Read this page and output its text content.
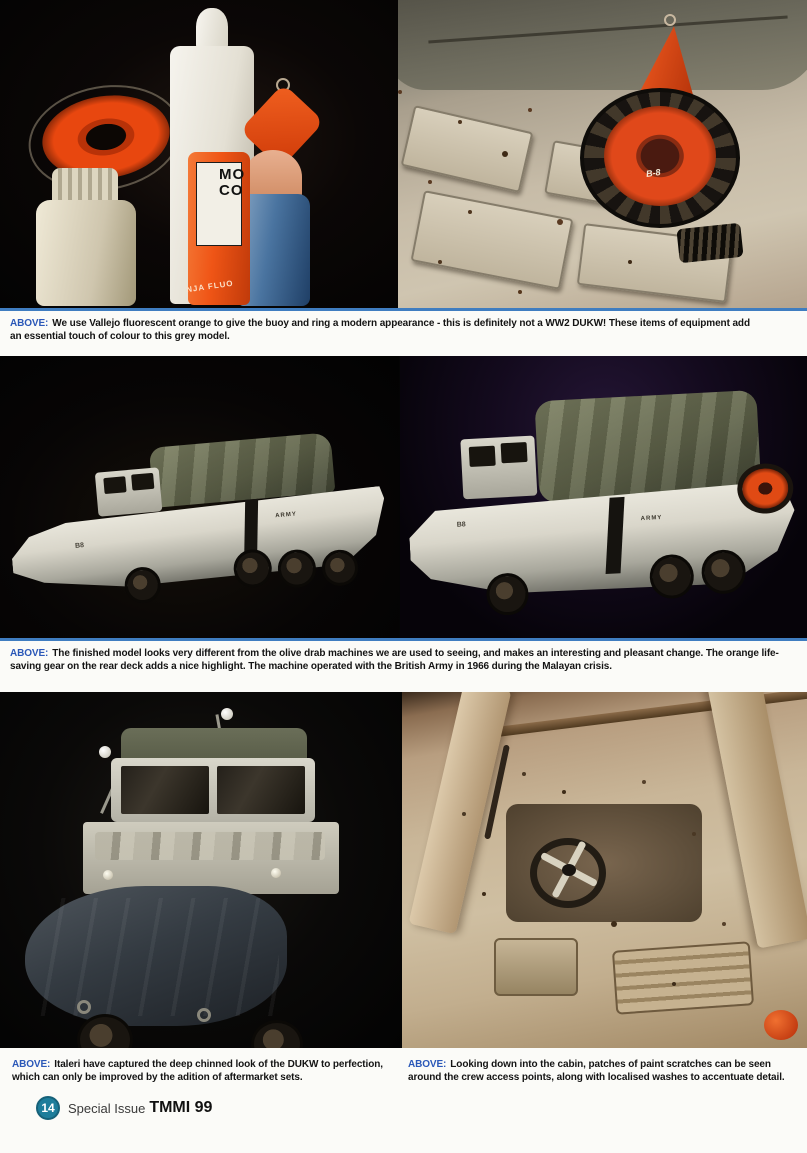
MO

CO
NJA FLUO
B-8

ABOVE: We use Vallejo fluorescent orange to give the buoy and ring a modern appearance - this is definitely not a WW2 DUKW! These items of equipment add an essential touch of colour to this grey model.

ARMY
B8
ARMY
B8

ABOVE: The finished model looks very different from the olive drab machines we are used to seeing, and makes an interesting and pleasant change. The orange life-saving gear on the rear deck adds a nice highlight. The machine operated with the British Army in 1966 during the Malayan crisis.

ABOVE: Italeri have captured the deep chinned look of the DUKW to perfection, which can only be improved by the adition of aftermarket sets.

ABOVE: Looking down into the cabin, patches of paint scratches can be seen around the crew access points, along with localised washes to accentuate detail.

14	Special Issue TMMI 99
